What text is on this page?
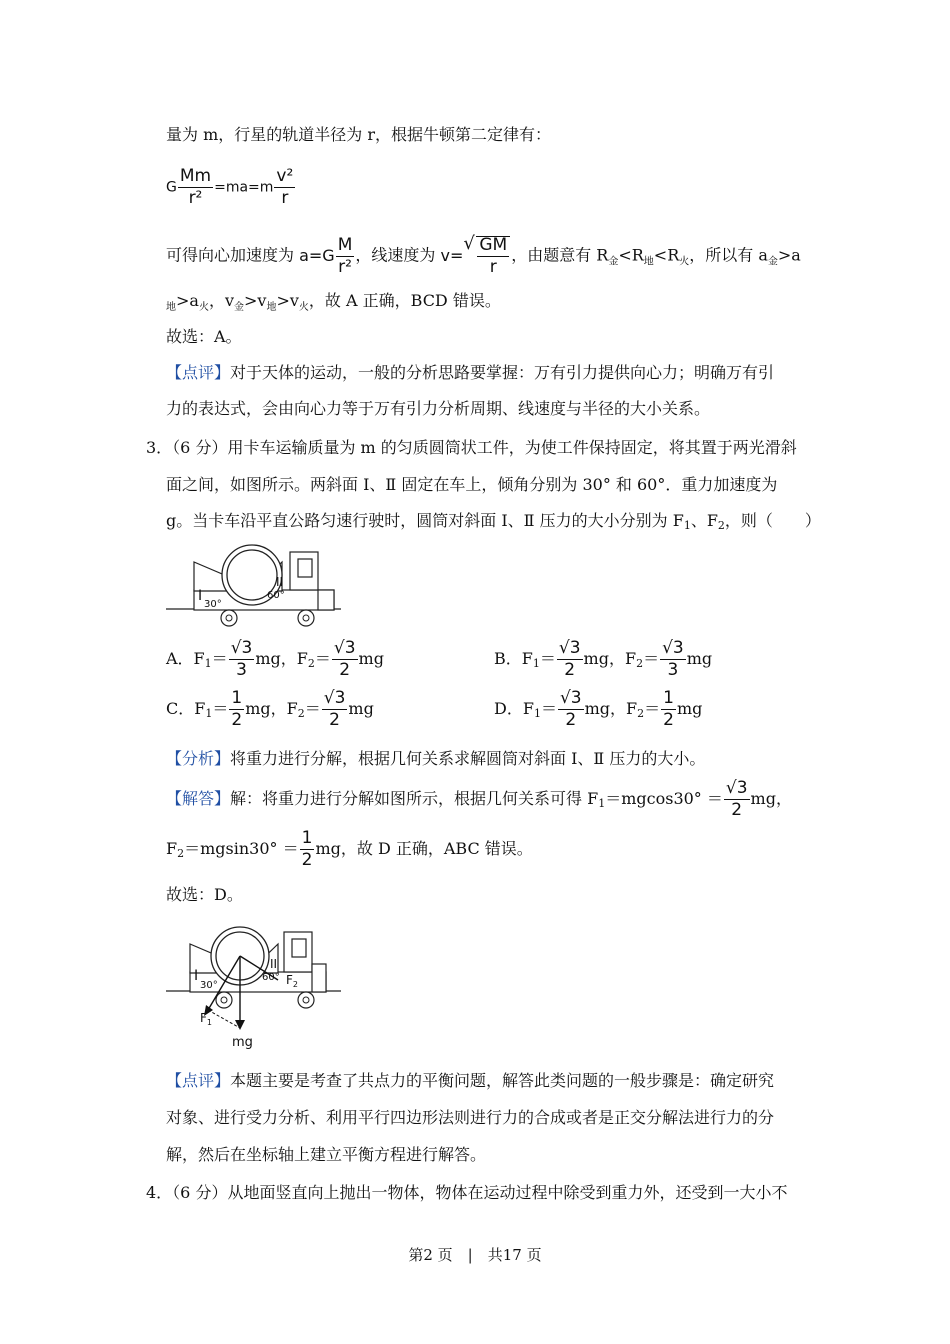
量为 m，行星的轨道半径为 r，根据牛顿第二定律有：
G $\frac{Mm}{\text{r²}} =ma=m \frac{\text{v²}}{r}$
可得向心加速度为 $a=G \frac{M}{\text{r²}}$ ，线速度为 v=
√ $\frac{GM}{r}$ ，由题意有 $R_金<R_地<R_火$，所以有 $a_金>a$
$_地>a_火$，$v_金>v_地>v_火$，故 A 正确，BCD 错误。
故选：A。
【点评】对于天体的运动，一般的分析思路要掌握：万有引力提供向心力；明确万有引
力的表达式，会由向心力等于万有引力分析周期、线速度与半径的大小关系。
3．（6 分）用卡车运输质量为 m 的匀质圆筒状工件，为使工件保持固定，将其置于两光滑斜
面之间，如图所示。两斜面 Ⅰ、Ⅱ 固定在车上，倾角分别为 30° 和 60°．重力加速度为
g。当卡车沿平直公路匀速行驶时，圆筒对斜面 Ⅰ、Ⅱ 压力的大小分别为 F1、F2，则（　　）
I
30°
II
60°
A．$F1= \frac{√3}{3}$ mg，$F2= \frac{√3}{2}$ mg	B．$F1= \frac{√3}{2}$ mg，$F2= \frac{√3}{3}$ mg
C．$F1= \frac{1}{2}$ mg，$F2= \frac{√3}{2}$ mg	D．$F1= \frac{√3}{2}$ mg，$F2= \frac{1}{2}$ mg
【分析】将重力进行分解，根据几何关系求解圆筒对斜面 Ⅰ、Ⅱ 压力的大小。
【解答】解：将重力进行分解如图所示，根据几何关系可得 $F1=mgcos30^\circ = \frac{√3}{2}$ mg，
$F2=mgsin30^\circ = \frac{1}{2}$ mg，故 D 正确，ABC 错误。
故选：D。
I
30°
II
60°
$F_1$
$F_2$
mg
【点评】本题主要是考查了共点力的平衡问题，解答此类问题的一般步骤是：确定研究
对象、进行受力分析、利用平行四边形法则进行力的合成或者是正交分解法进行力的分
解，然后在坐标轴上建立平衡方程进行解答。
4．（6 分）从地面竖直向上抛出一物体，物体在运动过程中除受到重力外，还受到一大小不
第2 页　|　共17 页
